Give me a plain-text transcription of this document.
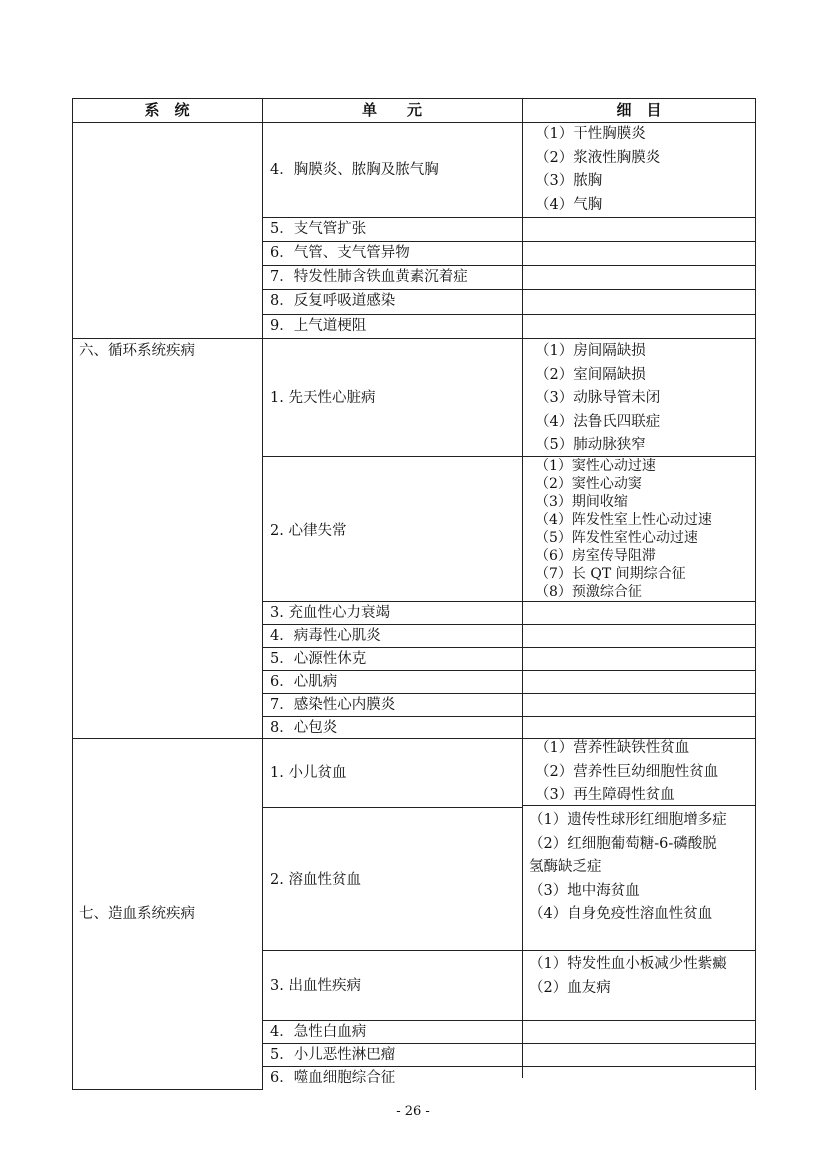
系　统	单　　元	细　目
六、循环系统疾病
七、造血系统疾病
4．胸膜炎、脓胸及脓气胸
5．支气管扩张
6．气管、支气管异物
7．特发性肺含铁血黄素沉着症
8．反复呼吸道感染
9．上气道梗阻
1. 先天性心脏病
2. 心律失常
3. 充血性心力衰竭
4．病毒性心肌炎
5．心源性休克
6．心肌病
7．感染性心内膜炎
8．心包炎
1. 小儿贫血
2. 溶血性贫血
3. 出血性疾病
4．急性白血病
5．小儿恶性淋巴瘤
6．噬血细胞综合征
（1）干性胸膜炎
（2）浆液性胸膜炎
（3）脓胸
（4）气胸
（1）房间隔缺损
（2）室间隔缺损
（3）动脉导管未闭
（4）法鲁氏四联症
（5）肺动脉狭窄
（1）窦性心动过速
（2）窦性心动窦
（3）期间收缩
（4）阵发性室上性心动过速
（5）阵发性室性心动过速
（6）房室传导阻滞
（7）长 QT 间期综合征
（8）预激综合征
（1）营养性缺铁性贫血
（2）营养性巨幼细胞性贫血
（3）再生障碍性贫血
（1）遗传性球形红细胞增多症
（2）红细胞葡萄糖-6-磷酸脱
氢酶缺乏症
（3）地中海贫血
（4）自身免疫性溶血性贫血
（1）特发性血小板减少性紫癜
（2）血友病
- 26 -
